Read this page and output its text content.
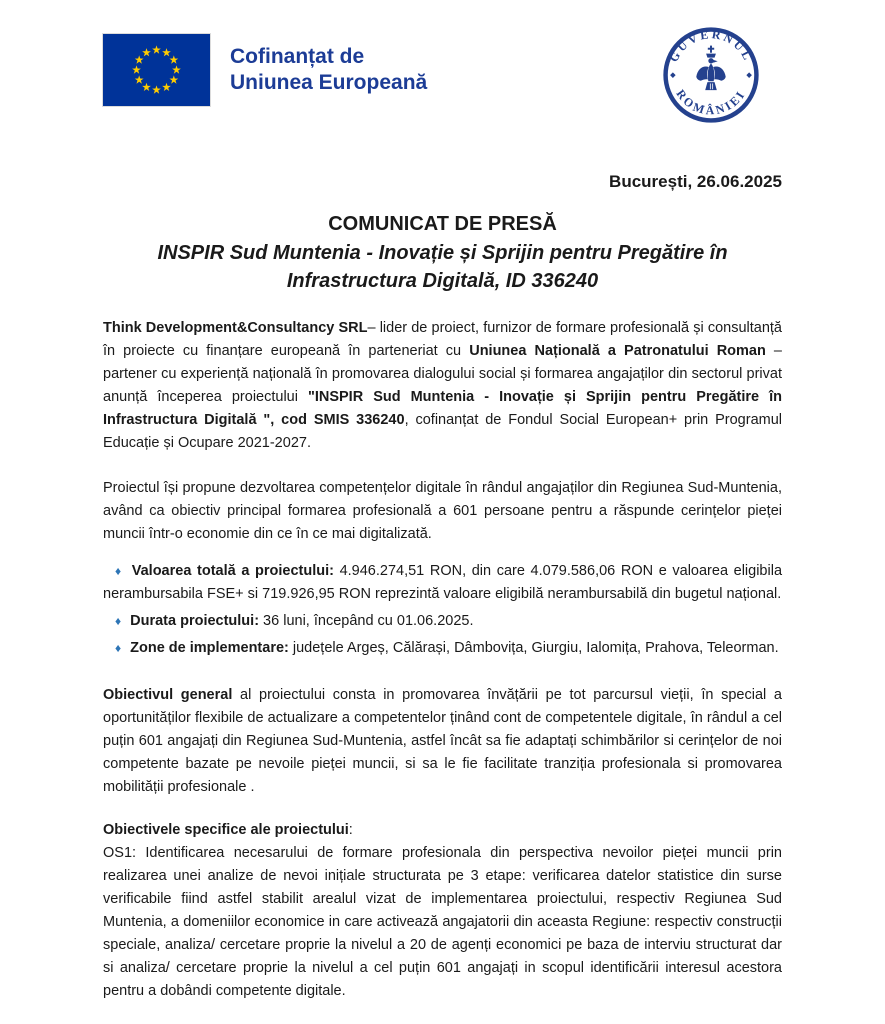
Cofinanțat de
Uniunea Europeană
GUVERNUL
ROMÂNIEI
București, 26.06.2025
COMUNICAT DE PRESĂ
INSPIR Sud Muntenia - Inovație și Sprijin pentru Pregătire în Infrastructura Digitală, ID 336240

Think Development&Consultancy SRL– lider de proiect, furnizor de formare profesională și consultanță în proiecte cu finanțare europeană în parteneriat cu Uniunea Națională a Patronatului Roman – partener cu experiență națională în promovarea dialogului social și formarea angajaților din sectorul privat anunță începerea proiectului "INSPIR Sud Muntenia - Inovație și Sprijin pentru Pregătire în Infrastructura Digitală ", cod SMIS 336240, cofinanțat de Fondul Social European+ prin Programul Educație și Ocupare 2021-2027.

Proiectul își propune dezvoltarea competențelor digitale în rândul angajaților din Regiunea Sud-Muntenia, având ca obiectiv principal formarea profesională a 601 persoane pentru a răspunde cerințelor pieței muncii într-o economie din ce în ce mai digitalizată.

♦ Valoarea totală a proiectului: 4.946.274,51 RON, din care 4.079.586,06 RON e valoarea eligibila nerambursabila FSE+ si 719.926,95 RON reprezintă valoare eligibilă nerambursabilă din bugetul național.

♦ Durata proiectului: 36 luni, începând cu 01.06.2025.

♦ Zone de implementare: județele Argeș, Călărași, Dâmbovița, Giurgiu, Ialomița, Prahova, Teleorman.

Obiectivul general al proiectului consta in promovarea învățării pe tot parcursul vieții, în special a oportunităților flexibile de actualizare a competentelor ținând cont de competentele digitale, în rândul a cel puțin 601 angajați din Regiunea Sud-Muntenia, astfel încât sa fie adaptați schimbărilor si cerințelor de noi competente bazate pe nevoile pieței muncii, si sa le fie facilitate tranziția profesionala si promovarea mobilității profesionale .

Obiectivele specifice ale proiectului:

OS1: Identificarea necesarului de formare profesionala din perspectiva nevoilor pieței muncii prin realizarea unei analize de nevoi inițiale structurata pe 3 etape: verificarea datelor statistice din surse verificabile fiind astfel stabilit arealul vizat de implementarea proiectului, respectiv Regiunea Sud Muntenia, a domeniilor economice in care activează angajatorii din aceasta Regiune: respectiv construcții speciale, analiza/ cercetare proprie la nivelul a 20 de agenți economici pe baza de interviu structurat dar si analiza/ cercetare proprie la nivelul a cel puțin 601 angajați in scopul identificării interesul acestora pentru a dobândi competente digitale.
